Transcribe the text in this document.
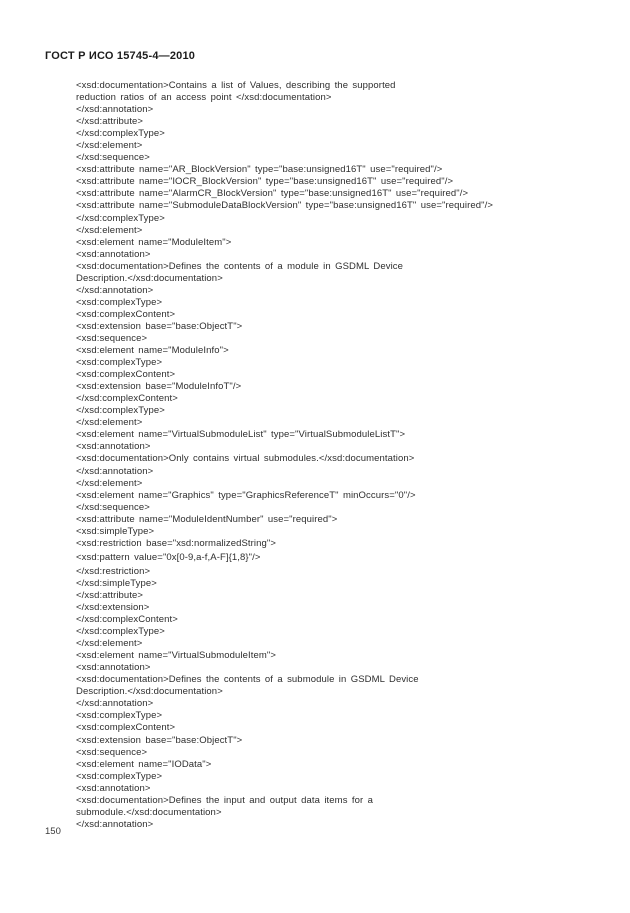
ГОСТ Р ИСО 15745-4—2010
<xsd:documentation>Contains a list of Values, describing the supported
reduction ratios of an access point </xsd:documentation>
</xsd:annotation>
</xsd:attribute>
</xsd:complexType>
</xsd:element>
</xsd:sequence>
<xsd:attribute name="AR_BlockVersion" type="base:unsigned16T" use="required"/>
<xsd:attribute name="IOCR_BlockVersion" type="base:unsigned16T" use="required"/>
<xsd:attribute name="AlarmCR_BlockVersion" type="base:unsigned16T" use="required"/>
<xsd:attribute name="SubmoduleDataBlockVersion" type="base:unsigned16T" use="required"/>
</xsd:complexType>
</xsd:element>
<xsd:element name="ModuleItem">
<xsd:annotation>
<xsd:documentation>Defines the contents of a module in GSDML Device
Description.</xsd:documentation>
</xsd:annotation>
<xsd:complexType>
<xsd:complexContent>
<xsd:extension base="base:ObjectT">
<xsd:sequence>
<xsd:element name="ModuleInfo">
<xsd:complexType>
<xsd:complexContent>
<xsd:extension base="ModuleInfoT"/>
</xsd:complexContent>
</xsd:complexType>
</xsd:element>
<xsd:element name="VirtualSubmoduleList" type="VirtualSubmoduleListT">
<xsd:annotation>
<xsd:documentation>Only contains virtual submodules.</xsd:documentation>
</xsd:annotation>
</xsd:element>
<xsd:element name="Graphics" type="GraphicsReferenceT" minOccurs="0"/>
</xsd:sequence>
<xsd:attribute name="ModuleIdentNumber" use="required">
<xsd:simpleType>
<xsd:restriction base="xsd:normalizedString">
<xsd:pattern value="0x[0-9,a-f,A-F]{1,8}"/>
</xsd:restriction>
</xsd:simpleType>
</xsd:attribute>
</xsd:extension>
</xsd:complexContent>
</xsd:complexType>
</xsd:element>
<xsd:element name="VirtualSubmoduleItem">
<xsd:annotation>
<xsd:documentation>Defines the contents of a submodule in GSDML Device
Description.</xsd:documentation>
</xsd:annotation>
<xsd:complexType>
<xsd:complexContent>
<xsd:extension base="base:ObjectT">
<xsd:sequence>
<xsd:element name="IOData">
<xsd:complexType>
<xsd:annotation>
<xsd:documentation>Defines the input and output data items for a
submodule.</xsd:documentation>
</xsd:annotation>
150
